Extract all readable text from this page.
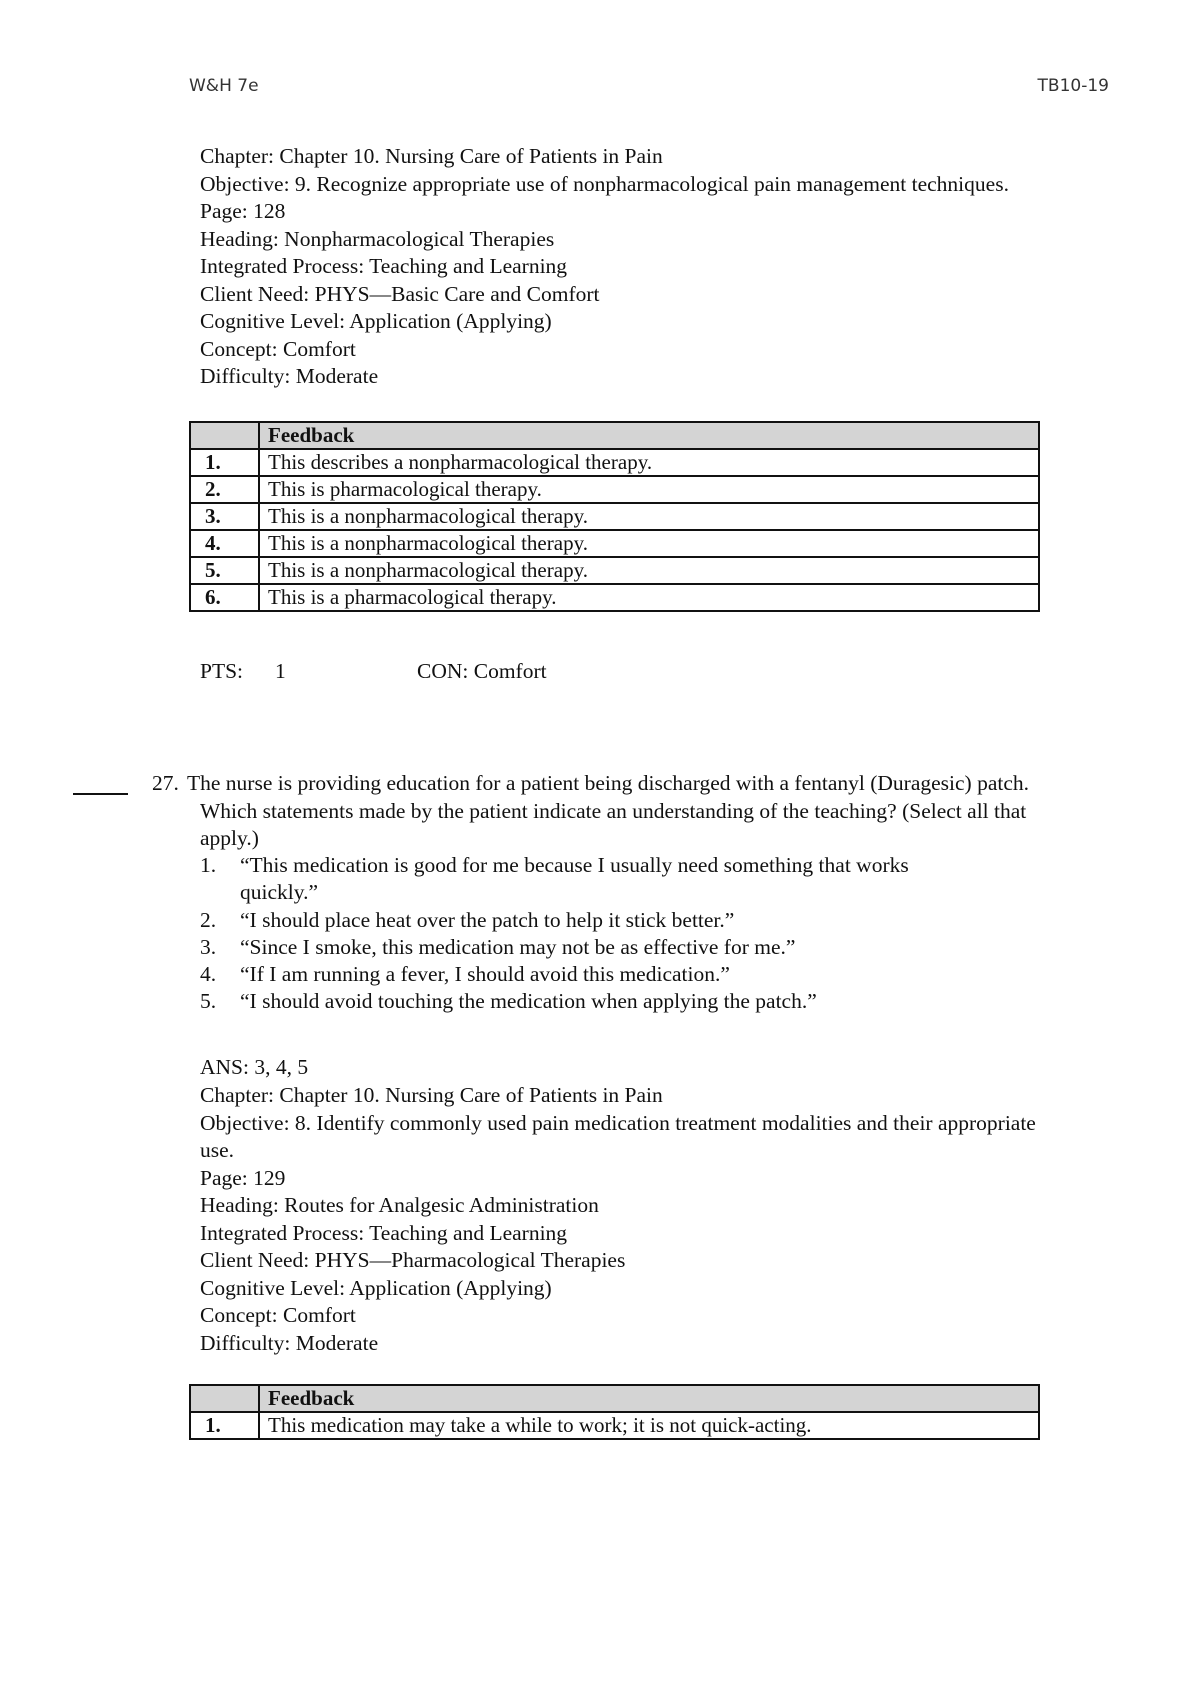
W&H 7e	TB10-19
Chapter: Chapter 10. Nursing Care of Patients in Pain
Objective: 9. Recognize appropriate use of nonpharmacological pain management techniques.
Page: 128
Heading: Nonpharmacological Therapies
Integrated Process: Teaching and Learning
Client Need: PHYS—Basic Care and Comfort
Cognitive Level: Application (Applying)
Concept: Comfort
Difficulty: Moderate
	Feedback
1.	This describes a nonpharmacological therapy.
2.	This is pharmacological therapy.
3.	This is a nonpharmacological therapy.
4.	This is a nonpharmacological therapy.
5.	This is a nonpharmacological therapy.
6.	This is a pharmacological therapy.
PTS: 1	CON: Comfort
27. The nurse is providing education for a patient being discharged with a fentanyl (Duragesic) patch.
Which statements made by the patient indicate an understanding of the teaching? (Select all that
apply.)
1. “This medication is good for me because I usually need something that works
quickly.”
2. “I should place heat over the patch to help it stick better.”
3. “Since I smoke, this medication may not be as effective for me.”
4. “If I am running a fever, I should avoid this medication.”
5. “I should avoid touching the medication when applying the patch.”
ANS: 3, 4, 5
Chapter: Chapter 10. Nursing Care of Patients in Pain
Objective: 8. Identify commonly used pain medication treatment modalities and their appropriate
use.
Page: 129
Heading: Routes for Analgesic Administration
Integrated Process: Teaching and Learning
Client Need: PHYS—Pharmacological Therapies
Cognitive Level: Application (Applying)
Concept: Comfort
Difficulty: Moderate
	Feedback
1.	This medication may take a while to work; it is not quick-acting.
